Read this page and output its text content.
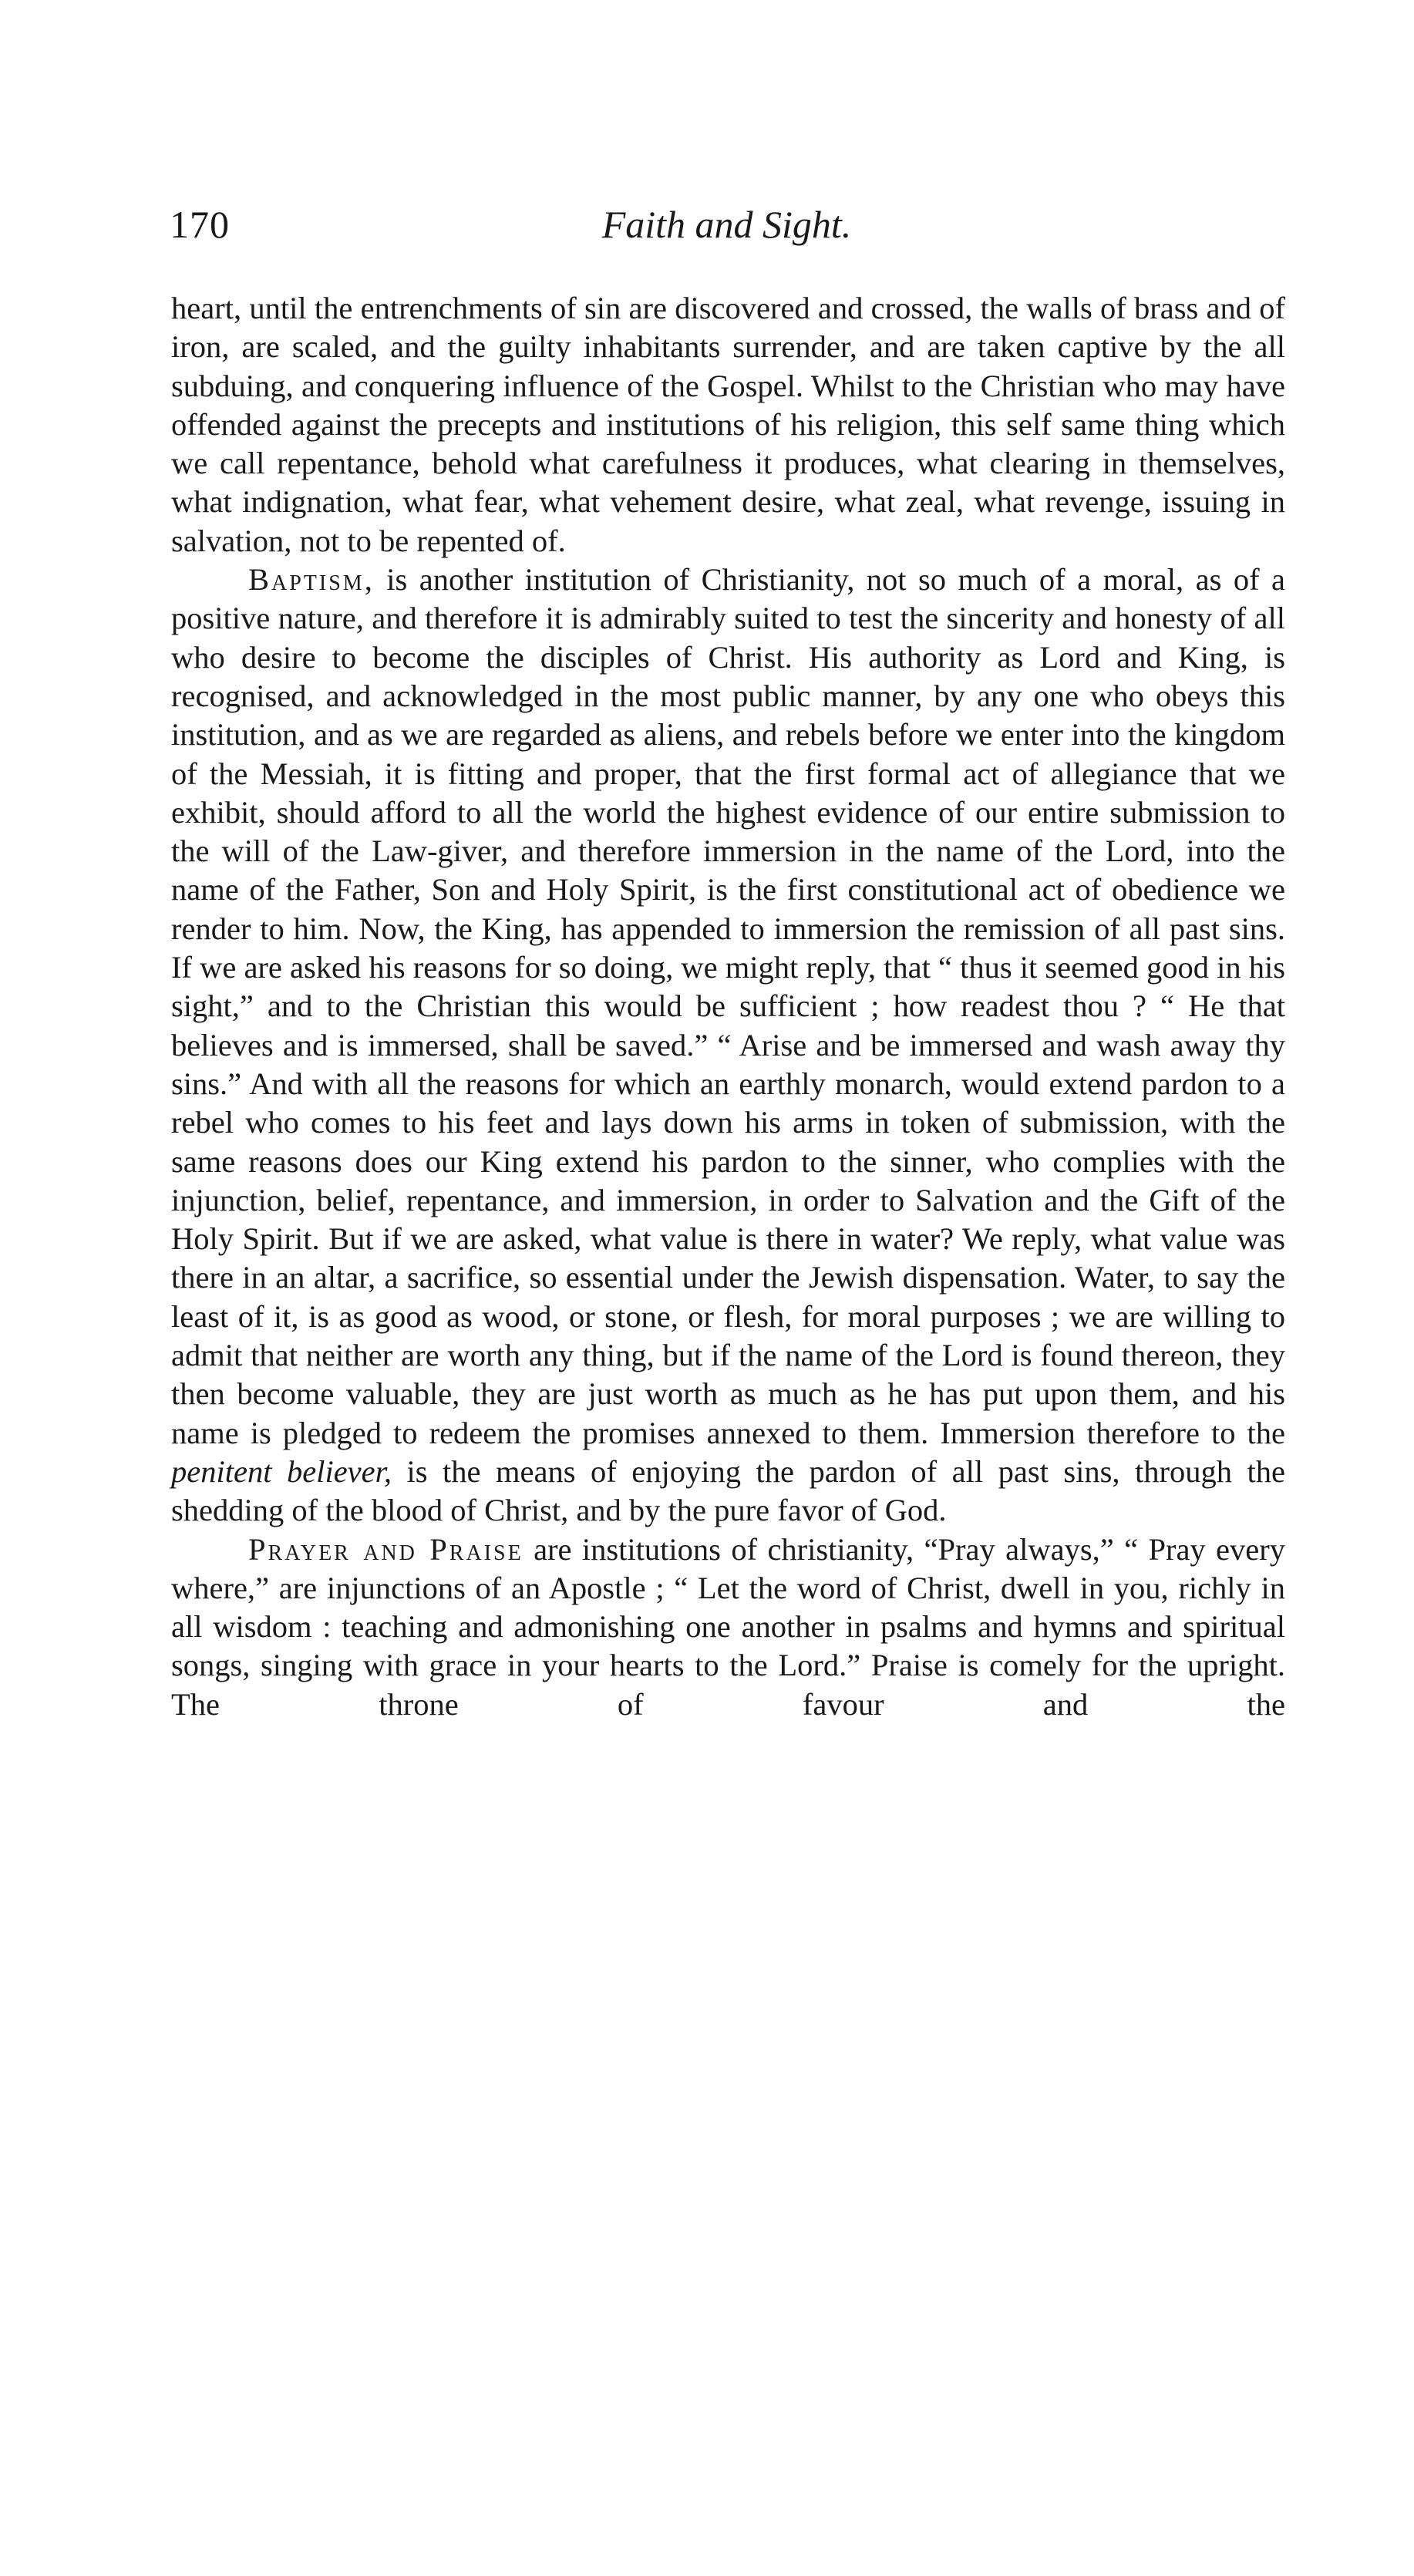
170	Faith and Sight.

heart, until the entrenchments of sin are discovered and crossed, the walls of brass and of iron, are scaled, and the guilty inhabitants surrender, and are taken captive by the all subduing, and conquering influence of the Gospel. Whilst to the Christian who may have offended against the precepts and institutions of his religion, this self same thing which we call repentance, behold what carefulness it produces, what clearing in themselves, what indignation, what fear, what vehement desire, what zeal, what revenge, issuing in salvation, not to be repented of.

Baptism, is another institution of Christianity, not so much of a moral, as of a positive nature, and therefore it is admirably suited to test the sincerity and honesty of all who desire to become the disciples of Christ. His authority as Lord and King, is recognised, and acknowledged in the most public manner, by any one who obeys this institution, and as we are regarded as aliens, and rebels before we enter into the kingdom of the Messiah, it is fitting and proper, that the first formal act of allegiance that we exhibit, should afford to all the world the highest evidence of our entire submission to the will of the Law-giver, and therefore immersion in the name of the Lord, into the name of the Father, Son and Holy Spirit, is the first constitutional act of obedience we render to him. Now, the King, has appended to immersion the remission of all past sins. If we are asked his reasons for so doing, we might reply, that “ thus it seemed good in his sight,” and to the Christian this would be sufficient ; how readest thou ? “ He that believes and is immersed, shall be saved.” “ Arise and be immersed and wash away thy sins.” And with all the reasons for which an earthly monarch, would extend pardon to a rebel who comes to his feet and lays down his arms in token of submission, with the same reasons does our King extend his pardon to the sinner, who complies with the injunction, belief, repentance, and immersion, in order to Salvation and the Gift of the Holy Spirit. But if we are asked, what value is there in water? We reply, what value was there in an altar, a sacrifice, so essential under the Jewish dispensation. Water, to say the least of it, is as good as wood, or stone, or flesh, for moral purposes ; we are willing to admit that neither are worth any thing, but if the name of the Lord is found thereon, they then become valuable, they are just worth as much as he has put upon them, and his name is pledged to redeem the promises annexed to them. Immersion therefore to the penitent believer, is the means of enjoying the pardon of all past sins, through the shedding of the blood of Christ, and by the pure favor of God.

Prayer and Praise are institutions of christianity, “Pray always,” “ Pray every where,” are injunctions of an Apostle ; “ Let the word of Christ, dwell in you, richly in all wisdom : teaching and admonishing one another in psalms and hymns and spiritual songs, singing with grace in your hearts to the Lord.” Praise is comely for the upright. The throne of favour and the
